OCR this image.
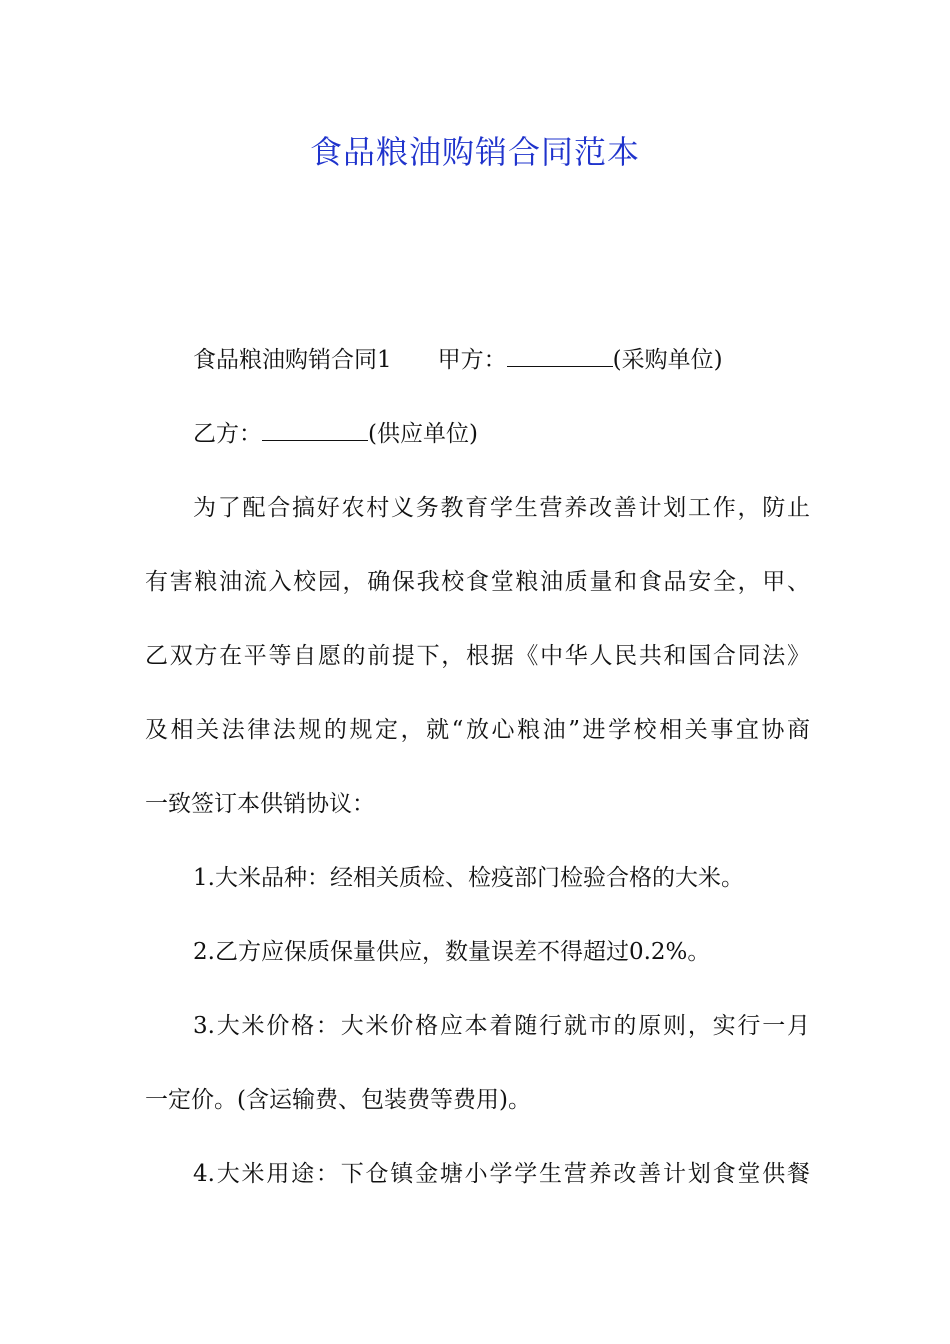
食品粮油购销合同范本
食品粮油购销合同1 甲方：	(采购单位)
乙方：	(供应单位)
为了配合搞好农村义务教育学生营养改善计划工作，防止
有害粮油流入校园，确保我校食堂粮油质量和食品安全，甲、
乙双方在平等自愿的前提下，根据《中华人民共和国合同法》
及相关法律法规的规定，就“放心粮油”进学校相关事宜协商
一致签订本供销协议：
1.大米品种：经相关质检、检疫部门检验合格的大米。
2.乙方应保质保量供应，数量误差不得超过0.2%。
3.大米价格：大米价格应本着随行就市的原则，实行一月
一定价。(含运输费、包装费等费用)。
4.大米用途：下仓镇金塘小学学生营养改善计划食堂供餐
